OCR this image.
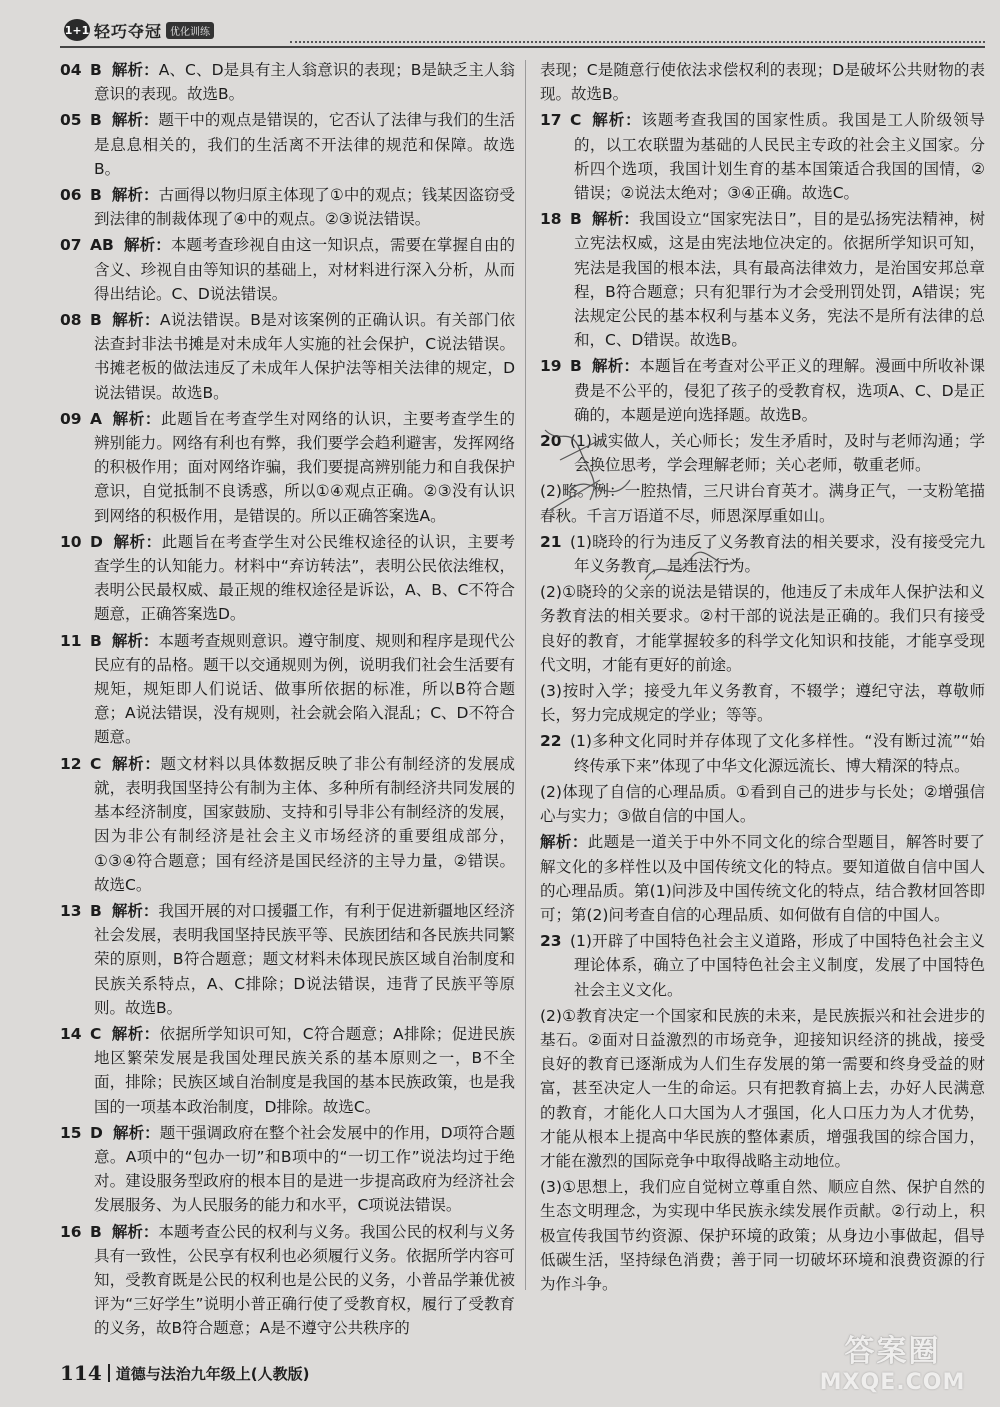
1+1 轻巧夺冠 优化训练
04 B 解析：A、C、D是具有主人翁意识的表现；B是缺乏主人翁意识的表现。故选B。
05 B 解析：题干中的观点是错误的，它否认了法律与我们的生活是息息相关的，我们的生活离不开法律的规范和保障。故选B。
06 B 解析：古画得以物归原主体现了①中的观点；钱某因盗窃受到法律的制裁体现了④中的观点。②③说法错误。
07 AB 解析：本题考查珍视自由这一知识点，需要在掌握自由的含义、珍视自由等知识的基础上，对材料进行深入分析，从而得出结论。C、D说法错误。
08 B 解析：A说法错误。B是对该案例的正确认识。有关部门依法查封非法书摊是对未成年人实施的社会保护，C说法错误。书摊老板的做法违反了未成年人保护法等相关法律的规定，D说法错误。故选B。
09 A 解析：此题旨在考查学生对网络的认识，主要考查学生的辨别能力。网络有利也有弊，我们要学会趋利避害，发挥网络的积极作用；面对网络诈骗，我们要提高辨别能力和自我保护意识，自觉抵制不良诱惑，所以①④观点正确。②③没有认识到网络的积极作用，是错误的。所以正确答案选A。
10 D 解析：此题旨在考查学生对公民维权途径的认识，主要考查学生的认知能力。材料中“弃访转法”，表明公民依法维权，表明公民最权威、最正规的维权途径是诉讼，A、B、C不符合题意，正确答案选D。
11 B 解析：本题考查规则意识。遵守制度、规则和程序是现代公民应有的品格。题干以交通规则为例，说明我们社会生活要有规矩，规矩即人们说话、做事所依据的标准，所以B符合题意；A说法错误，没有规则，社会就会陷入混乱；C、D不符合题意。
12 C 解析：题文材料以具体数据反映了非公有制经济的发展成就，表明我国坚持公有制为主体、多种所有制经济共同发展的基本经济制度，国家鼓励、支持和引导非公有制经济的发展，因为非公有制经济是社会主义市场经济的重要组成部分，①③④符合题意；国有经济是国民经济的主导力量，②错误。故选C。
13 B 解析：我国开展的对口援疆工作，有利于促进新疆地区经济社会发展，表明我国坚持民族平等、民族团结和各民族共同繁荣的原则，B符合题意；题文材料未体现民族区域自治制度和民族关系特点，A、C排除；D说法错误，违背了民族平等原则。故选B。
14 C 解析：依据所学知识可知，C符合题意；A排除；促进民族地区繁荣发展是我国处理民族关系的基本原则之一，B不全面，排除；民族区域自治制度是我国的基本民族政策，也是我国的一项基本政治制度，D排除。故选C。
15 D 解析：题干强调政府在整个社会发展中的作用，D项符合题意。A项中的“包办一切”和B项中的“一切工作”说法均过于绝对。建设服务型政府的根本目的是进一步提高政府为经济社会发展服务、为人民服务的能力和水平，C项说法错误。
16 B 解析：本题考查公民的权利与义务。我国公民的权利与义务具有一致性，公民享有权利也必须履行义务。依据所学内容可知，受教育既是公民的权利也是公民的义务，小普品学兼优被评为“三好学生”说明小普正确行使了受教育权，履行了受教育的义务，故B符合题意；A是不遵守公共秩序的
表现；C是随意行使依法求偿权利的表现；D是破坏公共财物的表现。故选B。
17 C 解析：该题考查我国的国家性质。我国是工人阶级领导的，以工农联盟为基础的人民民主专政的社会主义国家。分析四个选项，我国计划生育的基本国策适合我国的国情，②错误；②说法太绝对；③④正确。故选C。
18 B 解析：我国设立“国家宪法日”，目的是弘扬宪法精神，树立宪法权威，这是由宪法地位决定的。依据所学知识可知，宪法是我国的根本法，具有最高法律效力，是治国安邦总章程，B符合题意；只有犯罪行为才会受刑罚处罚，A错误；宪法规定公民的基本权利与基本义务，宪法不是所有法律的总和，C、D错误。故选B。
19 B 解析：本题旨在考查对公平正义的理解。漫画中所收补课费是不公平的，侵犯了孩子的受教育权，选项A、C、D是正确的，本题是逆向选择题。故选B。
20 (1)诚实做人，关心师长；发生矛盾时，及时与老师沟通；学会换位思考，学会理解老师；关心老师，敬重老师。
(2)略。例：一腔热情，三尺讲台育英才。满身正气，一支粉笔描春秋。千言万语道不尽，师恩深厚重如山。
21 (1)晓玲的行为违反了义务教育法的相关要求，没有接受完九年义务教育，是违法行为。
(2)①晓玲的父亲的说法是错误的，他违反了未成年人保护法和义务教育法的相关要求。②村干部的说法是正确的。我们只有接受良好的教育，才能掌握较多的科学文化知识和技能，才能享受现代文明，才能有更好的前途。
(3)按时入学；接受九年义务教育，不辍学；遵纪守法，尊敬师长，努力完成规定的学业；等等。
22 (1)多种文化同时并存体现了文化多样性。“没有断过流”“始终传承下来”体现了中华文化源远流长、博大精深的特点。
(2)体现了自信的心理品质。①看到自己的进步与长处；②增强信心与实力；③做自信的中国人。
解析：此题是一道关于中外不同文化的综合型题目，解答时要了解文化的多样性以及中国传统文化的特点。要知道做自信中国人的心理品质。第(1)问涉及中国传统文化的特点，结合教材回答即可；第(2)问考查自信的心理品质、如何做有自信的中国人。
23 (1)开辟了中国特色社会主义道路，形成了中国特色社会主义理论体系，确立了中国特色社会主义制度，发展了中国特色社会主义文化。
(2)①教育决定一个国家和民族的未来，是民族振兴和社会进步的基石。②面对日益激烈的市场竞争，迎接知识经济的挑战，接受良好的教育已逐渐成为人们生存发展的第一需要和终身受益的财富，甚至决定人一生的命运。只有把教育搞上去，办好人民满意的教育，才能化人口大国为人才强国，化人口压力为人才优势，才能从根本上提高中华民族的整体素质，增强我国的综合国力，才能在激烈的国际竞争中取得战略主动地位。
(3)①思想上，我们应自觉树立尊重自然、顺应自然、保护自然的生态文明理念，为实现中华民族永续发展作贡献。②行动上，积极宣传我国节约资源、保护环境的政策；从身边小事做起，倡导低碳生活，坚持绿色消费；善于同一切破坏环境和浪费资源的行为作斗争。
114 道德与法治九年级上(人教版)
答案圈
MXQE.COM
